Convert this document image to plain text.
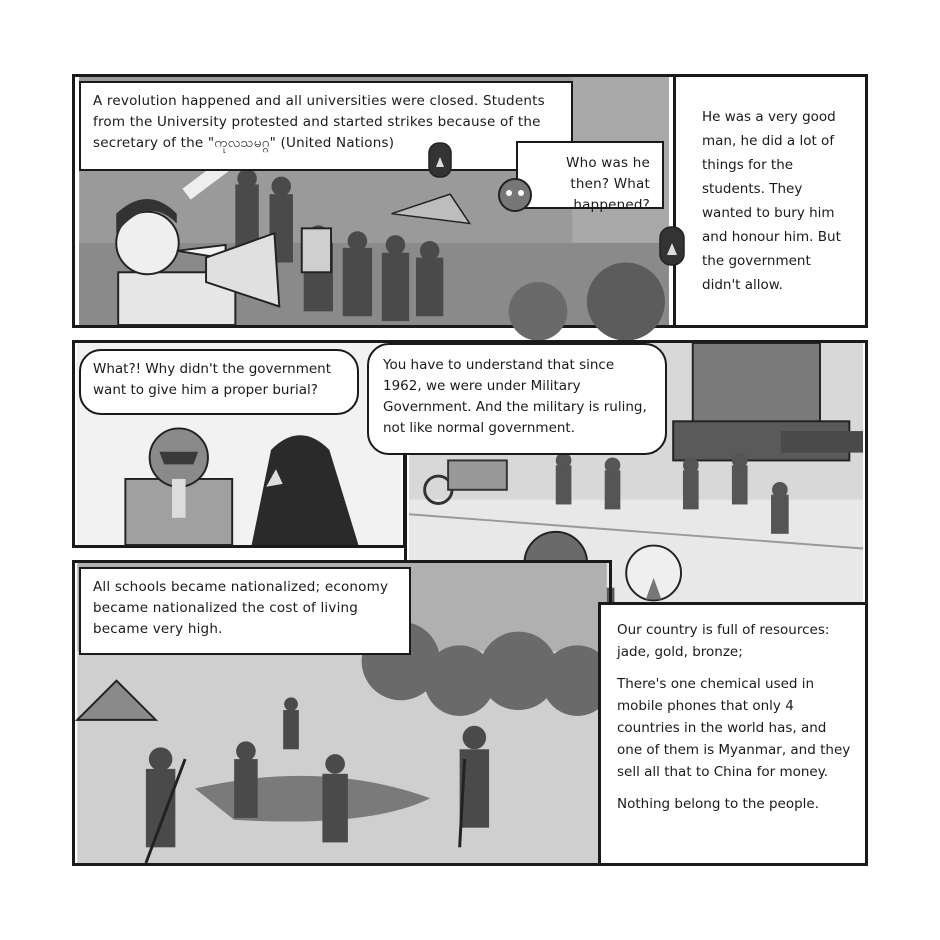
A revolution happened and all universities were closed. Students from the University protested and started strikes because of the secretary of the "ကုလသမဂ္ဂ" (United Nations)
Who was he then? What happened?
He was a very good man, he did a lot of things for the students. They wanted to bury him and honour him. But the government didn't allow.
What?! Why didn't the government want to give him a proper burial?
You have to understand that since 1962, we were under Military Government. And the military is ruling, not like normal government.
All schools became nationalized; economy became nationalized the cost of living became very high.	Our country is full of resources: jade, gold, bronze;

There's one chemical used in mobile phones that only 4 countries in the world has, and one of them is Myanmar, and they sell all that to China for money.

Nothing belong to the people.
